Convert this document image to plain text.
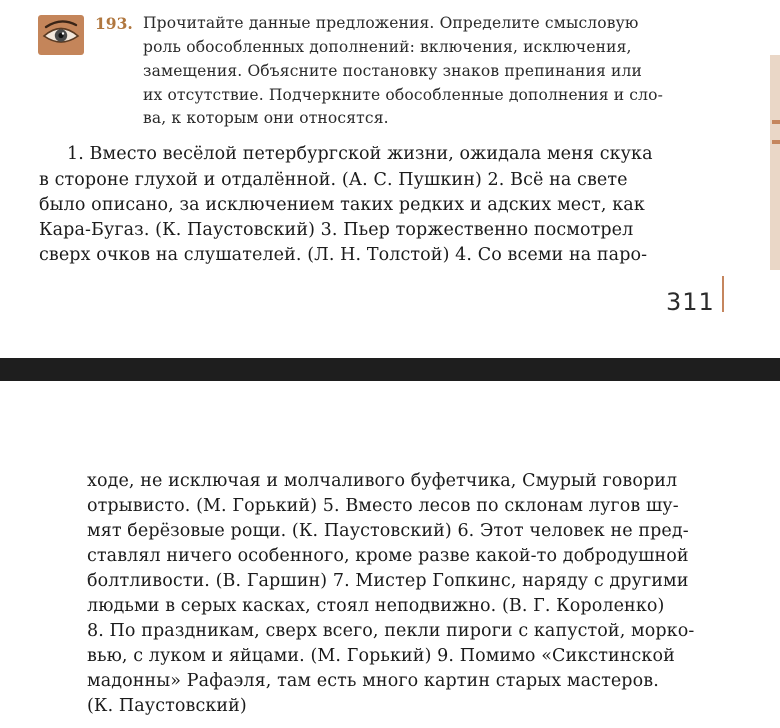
193. Прочитайте данные предложения. Определите смысловую
роль обособленных дополнений: включения, исключения,
замещения. Объясните постановку знаков препинания или
их отсутствие. Подчеркните обособленные дополнения и сло-
ва, к которым они относятся.
1. Вместо весёлой петербургской жизни, ожидала меня скука
в стороне глухой и отдалённой. (А. С. Пушкин) 2. Всё на свете
было описано, за исключением таких редких и адских мест, как
Кара-Бугаз. (К. Паустовский) 3. Пьер торжественно посмотрел
сверх очков на слушателей. (Л. Н. Толстой) 4. Со всеми на паро-
311
ходе, не исключая и молчаливого буфетчика, Смурый говорил
отрывисто. (М. Горький) 5. Вместо лесов по склонам лугов шу-
мят берёзовые рощи. (К. Паустовский) 6. Этот человек не пред-
ставлял ничего особенного, кроме разве какой-то добродушной
болтливости. (В. Гаршин) 7. Мистер Гопкинс, наряду с другими
людьми в серых касках, стоял неподвижно. (В. Г. Короленко)
8. По праздникам, сверх всего, пекли пироги с капустой, морко-
вью, с луком и яйцами. (М. Горький) 9. Помимо «Сикстинской
мадонны» Рафаэля, там есть много картин старых мастеров.
(К. Паустовский)
